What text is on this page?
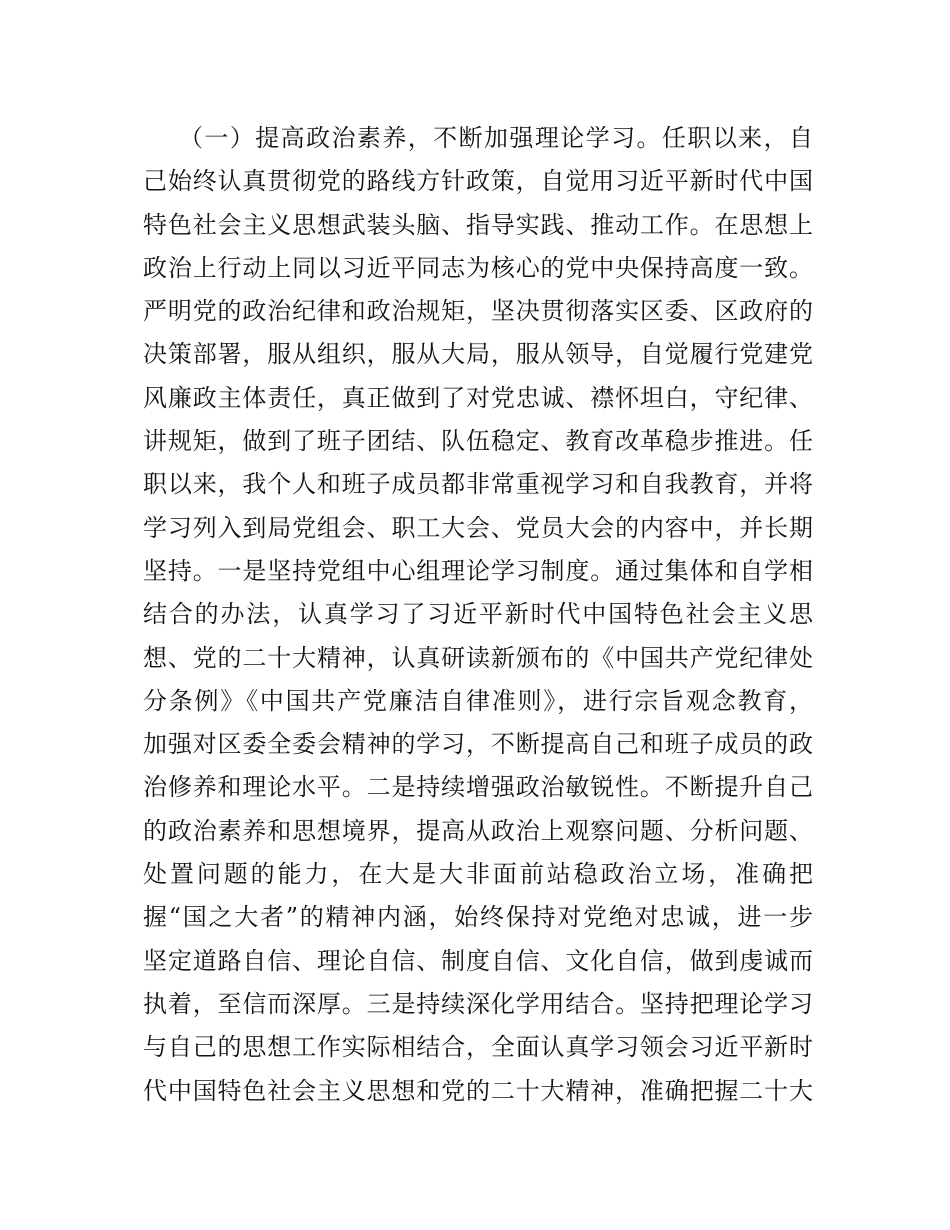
（一）提高政治素养，不断加强理论学习。任职以来，自
己始终认真贯彻党的路线方针政策，自觉用习近平新时代中国
特色社会主义思想武装头脑、指导实践、推动工作。在思想上
政治上行动上同以习近平同志为核心的党中央保持高度一致。
严明党的政治纪律和政治规矩，坚决贯彻落实区委、区政府的
决策部署，服从组织，服从大局，服从领导，自觉履行党建党
风廉政主体责任，真正做到了对党忠诚、襟怀坦白，守纪律、
讲规矩，做到了班子团结、队伍稳定、教育改革稳步推进。任
职以来，我个人和班子成员都非常重视学习和自我教育，并将
学习列入到局党组会、职工大会、党员大会的内容中，并长期
坚持。一是坚持党组中心组理论学习制度。通过集体和自学相
结合的办法，认真学习了习近平新时代中国特色社会主义思
想、党的二十大精神，认真研读新颁布的《中国共产党纪律处
分条例》《中国共产党廉洁自律准则》，进行宗旨观念教育，
加强对区委全委会精神的学习，不断提高自己和班子成员的政
治修养和理论水平。二是持续增强政治敏锐性。不断提升自己
的政治素养和思想境界，提高从政治上观察问题、分析问题、
处置问题的能力，在大是大非面前站稳政治立场，准确把
握“国之大者”的精神内涵，始终保持对党绝对忠诚，进一步
坚定道路自信、理论自信、制度自信、文化自信，做到虔诚而
执着，至信而深厚。三是持续深化学用结合。坚持把理论学习
与自己的思想工作实际相结合，全面认真学习领会习近平新时
代中国特色社会主义思想和党的二十大精神，准确把握二十大
